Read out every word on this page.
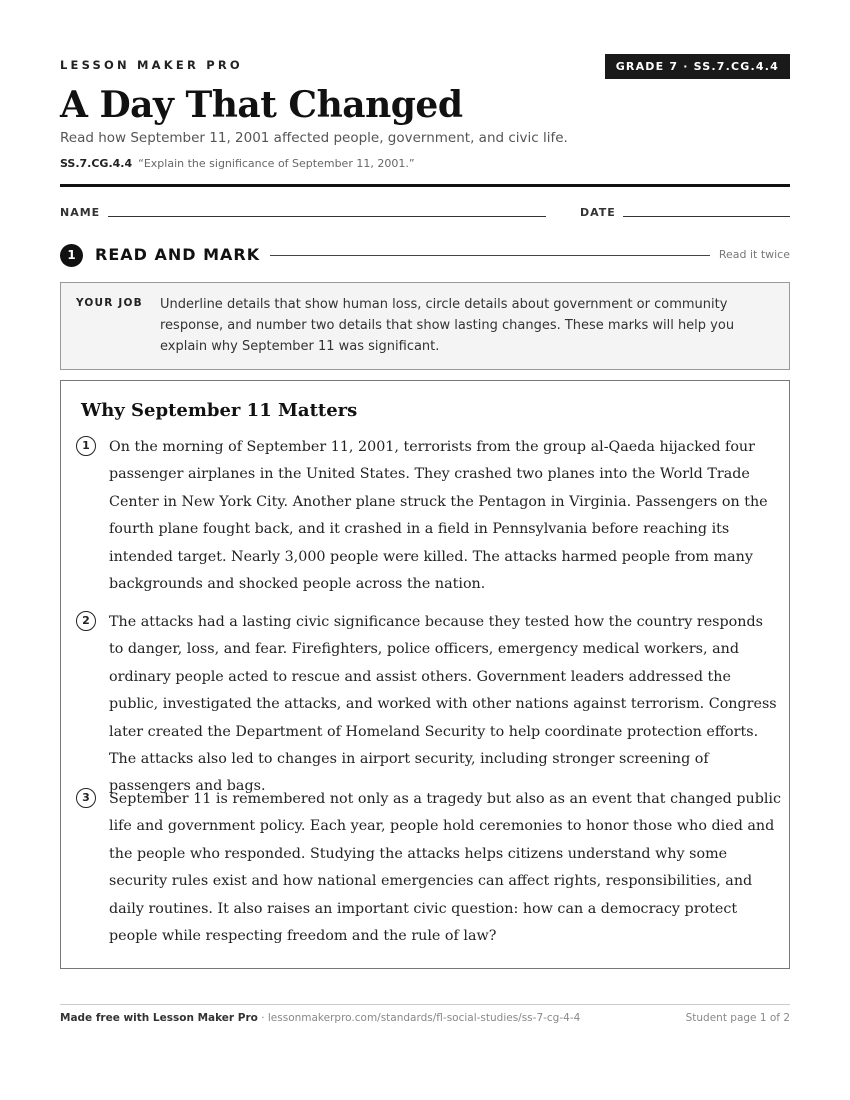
LESSON MAKER PRO	GRADE 7 · SS.7.CG.4.4
A Day That Changed
Read how September 11, 2001 affected people, government, and civic life.
SS.7.CG.4.4 “Explain the significance of September 11, 2001.”
NAME	DATE
1	READ AND MARK	Read it twice
YOUR JOB Underline details that show human loss, circle details about government or community response, and number two details that show lasting changes. These marks will help you explain why September 11 was significant.
Why September 11 Matters
1	On the morning of September 11, 2001, terrorists from the group al-Qaeda hijacked four passenger airplanes in the United States. They crashed two planes into the World Trade Center in New York City. Another plane struck the Pentagon in Virginia. Passengers on the fourth plane fought back, and it crashed in a field in Pennsylvania before reaching its intended target. Nearly 3,000 people were killed. The attacks harmed people from many backgrounds and shocked people across the nation.

2	The attacks had a lasting civic significance because they tested how the country responds to danger, loss, and fear. Firefighters, police officers, emergency medical workers, and ordinary people acted to rescue and assist others. Government leaders addressed the public, investigated the attacks, and worked with other nations against terrorism. Congress later created the Department of Homeland Security to help coordinate protection efforts. The attacks also led to changes in airport security, including stronger screening of passengers and bags.

3	September 11 is remembered not only as a tragedy but also as an event that changed public life and government policy. Each year, people hold ceremonies to honor those who died and the people who responded. Studying the attacks helps citizens understand why some security rules exist and how national emergencies can affect rights, responsibilities, and daily routines. It also raises an important civic question: how can a democracy protect people while respecting freedom and the rule of law?

Made free with Lesson Maker Pro · lessonmakerpro.com/standards/fl-social-studies/ss-7-cg-4-4	Student page 1 of 2
